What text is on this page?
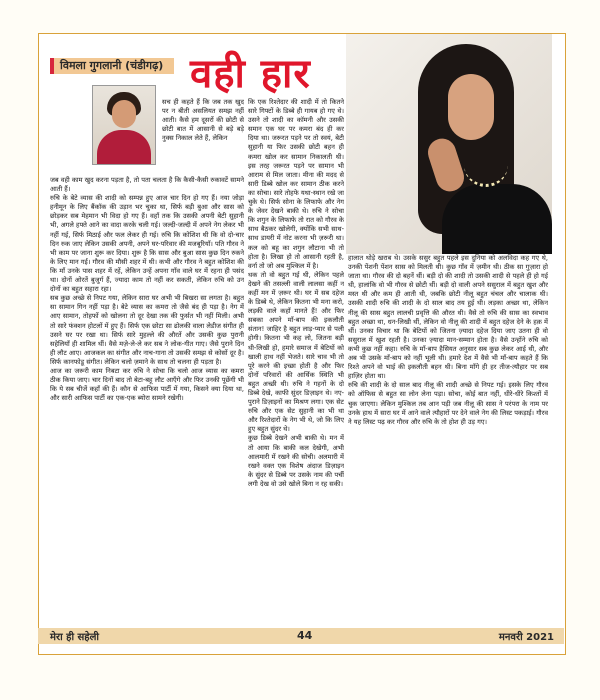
विमला गुगलानी (चंडीगढ़) वही हार
सच ही कहते हैं कि जब तक खुद पर न बीती असलियत समझ नहीं आती। कैसे हम दूसरों की छोटी से छोटी बात में आसानी से बड़े बड़े नुक्स निकाल लेते हैं, लेकिन
जब वही काम खुद करना पड़ता है, तो पता चलता है कि कैसी-कैसी रुकावटें सामने आती हैं।
रुचि के बेटे व्यास की शादी को सम्पन्न हुए आज चार दिन हो गए हैं। नया जोड़ा हनीमून के लिए बैंकॉक की उड़ान भर चुका था, सिर्फ बड़ी बुआ और सास को छोड़कर सब मेहमान भी विदा हो गए हैं। वहाँ तक कि उसकी अपनी बेटी सुहानी भी, अगले हफ्ते आने का वादा करके चली गई। जल्दी-जल्दी में अपने नेग लेकर भी नहीं गई, सिर्फ मिठाई और फल लेकर ही गई। रुचि कि कोशिश थी कि वो दो-चार दिन रुक जाए लेकिन उसकी अपनी, अपने घर-परिवार की मजबूरियाँ। पति गौरव ने भी काम पर जाना शुरू कर दिया। शुरू है कि सास और बुआ सास कुछ दिन रुकने के लिए मान गईं। गौरव की मौसी शहर में थी। कभी और गौरव ने बहुत कोशिश की कि माँ उनके पास शहर में रहें, लेकिन उन्हें अपना गाँव वाले घर में रहना ही पसंद था। दोनों ओरतें बुजुर्ग हैं, ज्यादा काम तो नहीं कर सकती, लेकिन रुचि को उन दोनों का बहुत सहारा रहा।
सब कुछ अच्छे से निपट गया, लेकिन सारा घर अभी भी बिखरा सा लगता है। बहुत सा सामान गिन नहीं पड़ा है। बेटे व्यास का कमरा तो जैसे बंद ही पड़ा है। नेग में आए सामान, तोहफों को खोलना तो दूर देखा तक की फुर्सत भी नहीं मिली। अभी तो सारे फंक्शन होटलों में हुए हैं। सिर्फ एक छोटा सा ढोलकी वाला लेडीज संगीत ही उसने घर पर रखा था। सिर्फ सारे मुहल्ले की औरतें और उसकी कुछ पुरानी सहेलियाँ ही शामिल थीं। वैसे मज़े-ले-ले कर सब ने लोक-गीत गाए। जैसे पुराने दिन ही लौट आए। आजकल का संगीत और नाच-गाना तो उसकी समझ से कोसों दूर है। सिर्फ कानफोडू संगीत। लेकिन चलो ज़माने के साथ तो चलना ही पड़ता है।
आज का जरूरी काम निबटा कर रुचि ने सोचा कि चलो आज व्यास का कमरा ठीक किया जाए। चार दिनों बाद तो बेटा-बहू लौट आएँगे और फिर उनकी पूछेंगी भी कि ये सब चीजें कहाँ की हैं। कौन से आफिस पार्टी में गया, किसने क्या दिया था, और सारी आफिस पार्टी का एक-एक ब्योरा सामने रखेगी।
कि एक रिश्तेदार की शादी में तो कितने सारे गिफ्टों के डिब्बे ही गायब हो गए थे। उसने तो शादी का कॉमनी और उसकी समान एक घर पर कमरा बंद ही कर दिया था। जरूरत पड़ने पर तो स्वयं, बेटी सुहानी या फिर उसकी छोटी बहन ही कमरा खोल कर सामान निकालती थी। इस तरह जरूरत पड़ने पर सामान भी आराम से मिल जाता। मीना की मदद से सारी डिब्बे खोल कर सामान ठीक करने का सोचा। सारे तोहफे यथा-स्थान रखे जा चुके थे। सिर्फ सोना के लिफाफे और नेग के जेवर देखने बाकी थे। रुचि ने सोचा कि शगुन के लिफाफे तो रात को गौरव के साथ बैठकर खोलेगी, क्योंकि सभी साथ-साथ डायरी में नोट करना भी ज़रूरी था। कल को बहू का शगुन लौटाना भी तो होता है। लिखा हो तो आसानी रहती है, वर्ना तो जो अब मुश्किल में है।
थक तो वो बहुत गई थी, लेकिन पहले देखने की तसल्ली वाली लालसा कहीं न कहीं मन में ज़रूर थी। घर में सब दहेज के डिब्बे थे, लेकिन कितना भी मना करो, लड़की वाले कहाँ मानते हैं! और फिर सबका अपने माँ-बाप की इकलौती संतान! जाहिर है बहुत लाड़-प्यार से पली होगी। कितना भी कह लो, जितना बड़ी थी-लिखी हो, हमारे समाज में बेटियों को खाली हाथ नहीं भेजते। सारे चाव भी तो पूरे करने की इच्छा होती है और फिर दोनों परिवारों की आर्थिक स्थिति भी बहुत अच्छी थी। रुचि ने गहनों के दो डिब्बे देखे, काफी सुंदर डिज़ाइन थे। नए-पुराने डिज़ाइनों का मिश्रण लगा। एक सेट रुचि और एक सेट सुहानी का भी था और रिश्तेदारों के नेग भी थे, जो कि लिए हुए बहुत सुंदर थे।
कुछ डिब्बे देखने अभी बाकी थे। मन में तो आया कि बाकी कल देखेगी, अभी आलमारी में रखने की सोची। अलमारी में रखने वक्त एक विशेष अंदाज डिज़ाइन के सुंदर से डिब्बे पर उसके नाम की पर्ची लगी देख वो उसे खोले बिना न रह सकी।
हालात थोड़े खराब थे। उसके ससुर बहुत पहले इस दुनिया को अलविदा कह गए थे, उनकी पेंशनी पेंशन सास को मिलती थी। कुछ गाँव में ज़मीन थी। ठीक सा गुज़ारा हो जाता था। गौरव की दो बहनें थीं। बड़ी दो की शादी तो उसकी शादी से पहले ही हो गई थी, हालांकि वो भी गौरव से छोटी थीं। बड़ी दो वाली अपने ससुराल में बहुत खुश और मस्त थी और कम ही आती थी, जबकि छोटी नीलू बहुत चंचल और चालाक थी। उसकी शादी रुचि की शादी के दो साल बाद तय हुई थी। लड़का अच्छा था, लेकिन नीलू की सास बहुत लालची प्रवृत्ति की औरत थी। वैसे तो रुचि की सास का स्वभाव बहुत अच्छा था, धन-लिखी थीं, लेकिन वो नीलू की शादी में बहुत दहेज देने के हक़ में थीं। उनका विचार था कि बेटियों को जितना ज़्यादा दहेज दिया जाए उतना ही वो ससुराल में खुश रहती है। उनका ज़्यादा मान-सम्मान होता है। वैसे उन्होंने रुचि को कभी कुछ नहीं कहा। रुचि के माँ-बाप हैसियत अनुसार सब कुछ लेकर आई थी, और अब भी उसके माँ-बाप को नहीं भूली थी। हमारे देश में वैसे भी माँ-बाप कहते हैं कि रिश्ते अपने वो भाई की इकलौती बहन थी। बिना माँगे ही हर तीज-त्यौहार पर सब हाज़िर होता था।
रुचि की शादी के दो साल बाद नीलू की शादी अच्छे से निपट गई। इसके लिए गौरव को ऑफिस से बहुत सा लोन लेना पड़ा। सोचा, कोई बात नहीं, धीरे-धीरे किश्तों में चुक जाएगा। लेकिन मुश्किल तब आन पड़ी जब नीलू की सास ने परंपरा के नाम पर उनके हाथ में सारा घर में आने वाले त्यौहारों पर देने वाले नेग की लिस्ट पकड़ाई। गौरव ने यह लिस्ट पढ़ कर गौरव और रुचि के तो होश ही उड़ गए।
मेरा ही सहेली	44	मनवरी 2021
